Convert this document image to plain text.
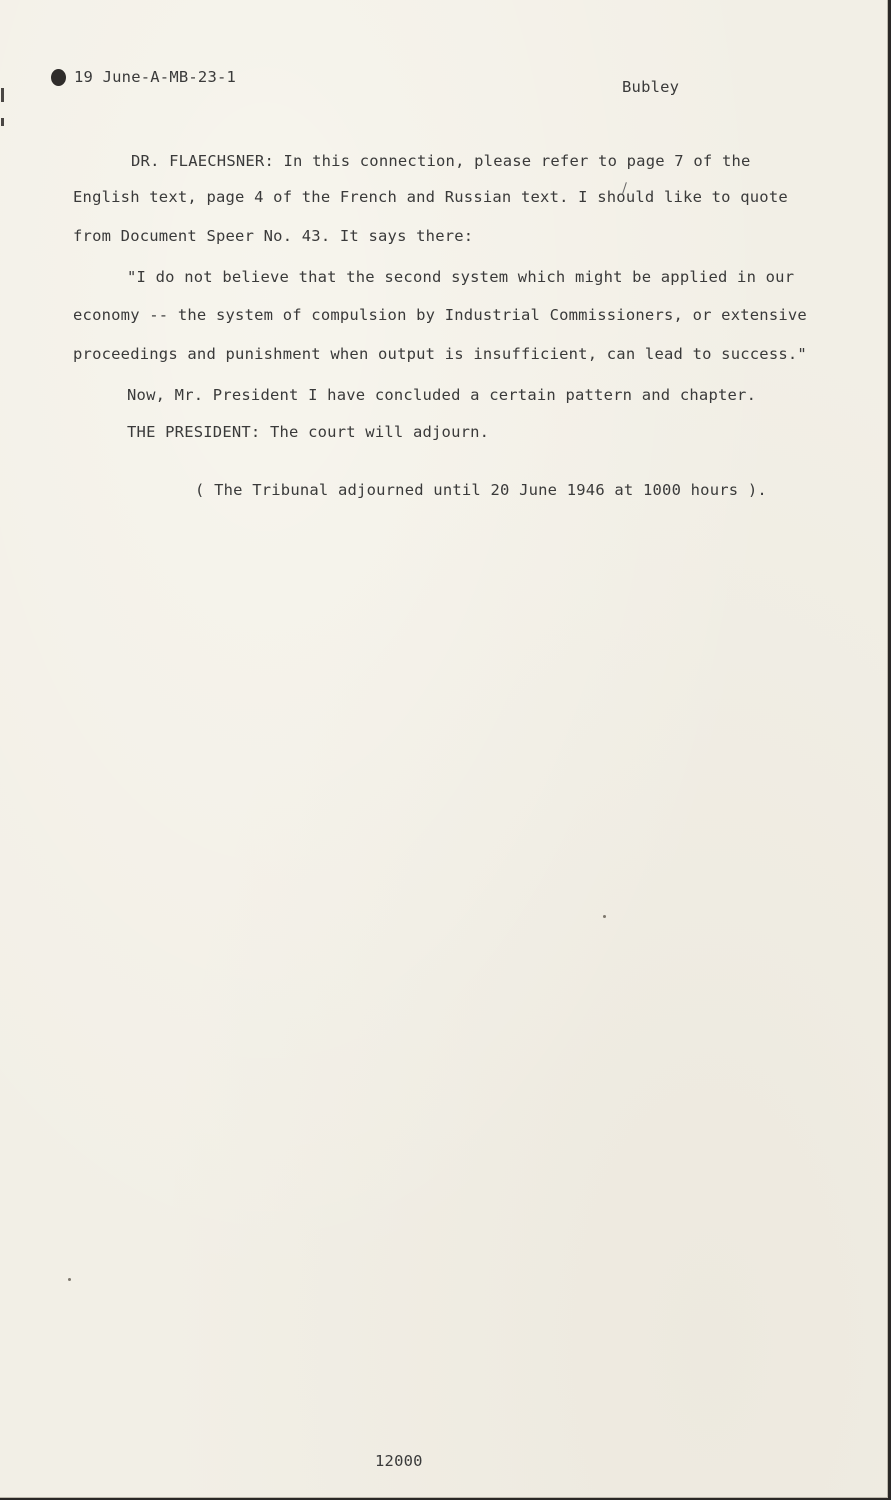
19 June-A-MB-23-1
Bubley
DR. FLAECHSNER: In this connection, please refer to page 7 of the
English text, page 4 of the French and Russian text. I should like to quote
from Document Speer No. 43. It says there:
"I do not believe that the second system which might be applied in our
economy -- the system of compulsion by Industrial Commissioners, or extensive
proceedings and punishment when output is insufficient, can lead to success."
Now, Mr. President I have concluded a certain pattern and chapter.
THE PRESIDENT: The court will adjourn.
( The Tribunal adjourned until 20 June 1946 at 1000 hours ).
12000
